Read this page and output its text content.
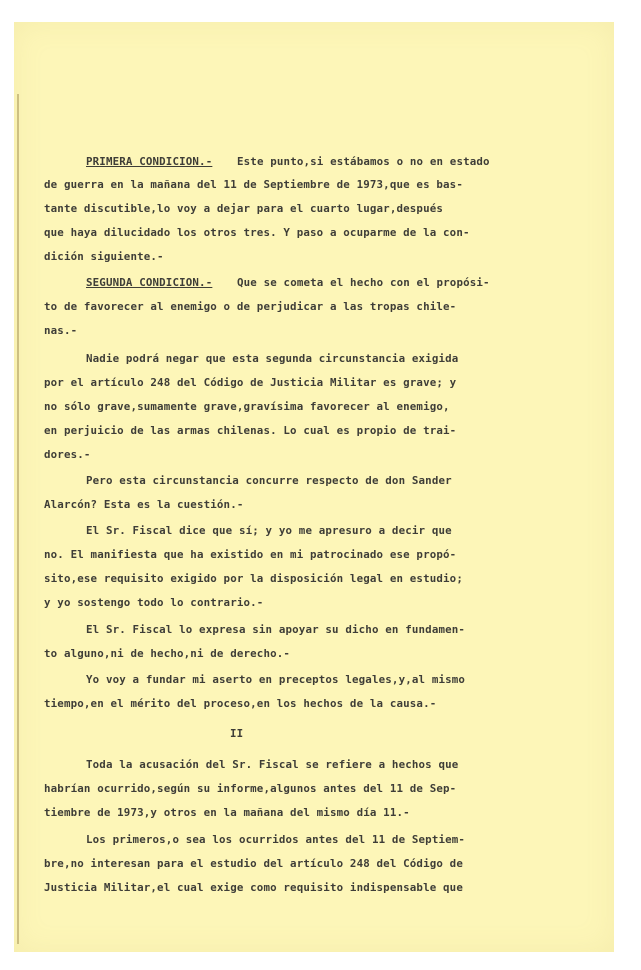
PRIMERA CONDICION.- Este punto,si estábamos o no en estado
de guerra en la mañana del 11 de Septiembre de 1973,que es bas-
tante discutible,lo voy a dejar para el cuarto lugar,después
que haya dilucidado los otros tres. Y paso a ocuparme de la con-
dición siguiente.-
SEGUNDA CONDICION.- Que se cometa el hecho con el propósi-
to de favorecer al enemigo o de perjudicar a las tropas chile-
nas.-
Nadie podrá negar que esta segunda circunstancia exigida
por el artículo 248 del Código de Justicia Militar es grave; y
no sólo grave,sumamente grave,gravísima favorecer al enemigo,
en perjuicio de las armas chilenas. Lo cual es propio de trai-
dores.-
Pero esta circunstancia concurre respecto de don Sander
Alarcón? Esta es la cuestión.-
El Sr. Fiscal dice que sí; y yo me apresuro a decir que
no. El manifiesta que ha existido en mi patrocinado ese propó-
sito,ese requisito exigido por la disposición legal en estudio;
y yo sostengo todo lo contrario.-
El Sr. Fiscal lo expresa sin apoyar su dicho en fundamen-
to alguno,ni de hecho,ni de derecho.-
Yo voy a fundar mi aserto en preceptos legales,y,al mismo
tiempo,en el mérito del proceso,en los hechos de la causa.-
II
Toda la acusación del Sr. Fiscal se refiere a hechos que
habrían ocurrido,según su informe,algunos antes del 11 de Sep-
tiembre de 1973,y otros en la mañana del mismo día 11.-
Los primeros,o sea los ocurridos antes del 11 de Septiem-
bre,no interesan para el estudio del artículo 248 del Código de
Justicia Militar,el cual exige como requisito indispensable que
